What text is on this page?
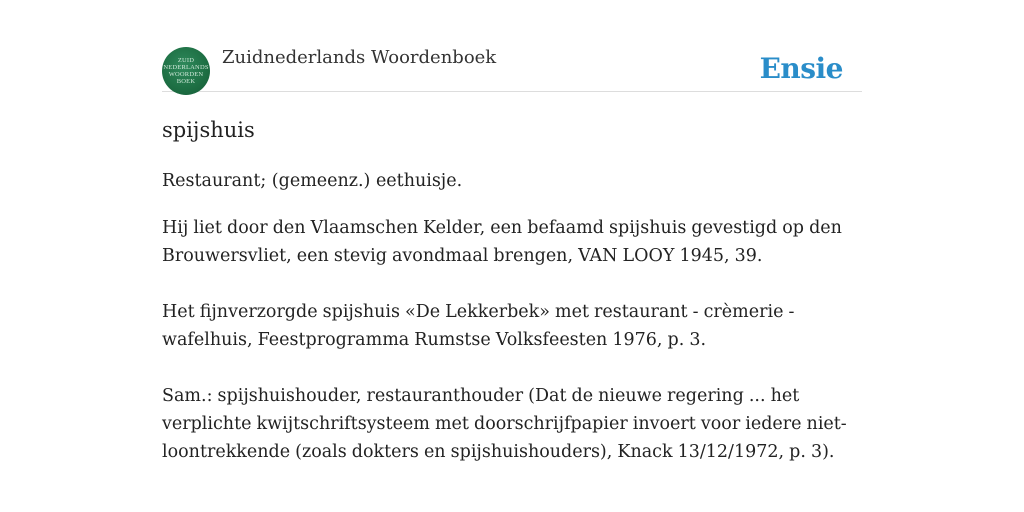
ZUID
NEDERLANDS
WOORDEN
BOEK
Zuidnederlands Woordenboek	Ensie
spijshuis
Restaurant; (gemeenz.) eethuisje.
Hij liet door den Vlaamschen Kelder, een befaamd spijshuis gevestigd op den Brouwersvliet, een stevig avondmaal brengen, VAN LOOY 1945, 39.
Het fijnverzorgde spijshuis «De Lekkerbek» met restaurant - crèmerie - wafelhuis, Feestprogramma Rumstse Volksfeesten 1976, p. 3.
Sam.: spijshuishouder, restauranthouder (Dat de nieuwe regering ... het verplichte kwijtschriftsysteem met doorschrijfpapier invoert voor iedere niet-loontrekkende (zoals dokters en spijshuishouders), Knack 13/12/1972, p. 3).
